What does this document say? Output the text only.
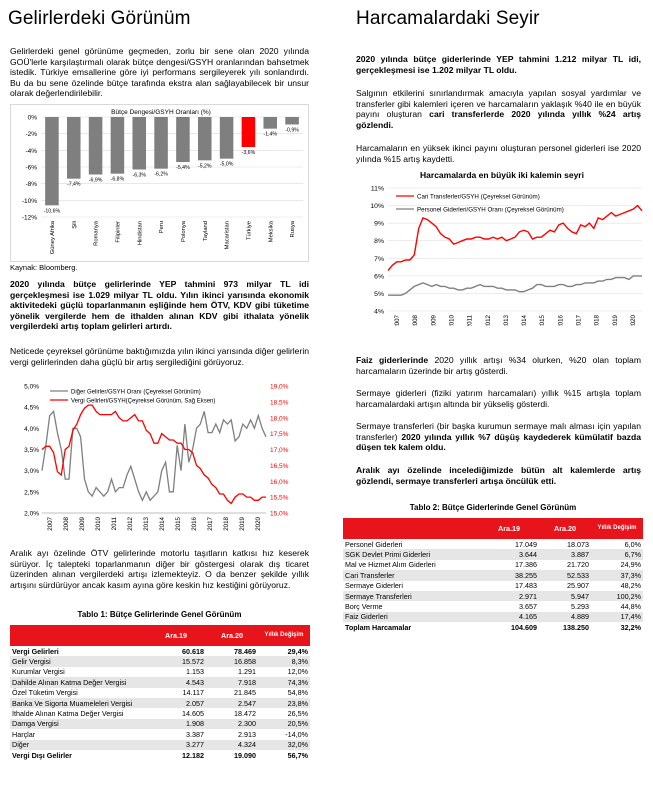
Gelirlerdeki Görünüm
Gelirlerdeki genel görünüme geçmeden, zorlu bir sene olan 2020 yılında GOÜ'lerle karşılaştırmalı olarak bütçe dengesi/GSYH oranlarından bahsetmek istedik. Türkiye emsallerine göre iyi performans sergileyerek yılı sonlandırdı. Bu da bu sene özelinde bütçe tarafında ekstra alan sağlayabilecek bir unsur olarak değerlendirilebilir.
Bütçe Dengesi/GSYH Oranları (%)
0%
-2%
-4%
-6%
-8%
-10%
-12%
-10,6%
Güney Afrika
-7,4%
Şili
-6,9%
Romanya
-6,8%
Filipinler
-6,3%
Hindistan
-6,2%
Peru
-5,4%
Polonya
-5,2%
Tayland
-5,0%
Macaristan
-3,6%
Türkiye
-1,4%
Meksika
-0,9%
Rusya
Kaynak: Bloomberg.
2020 yılında bütçe gelirlerinde YEP tahmini 973 milyar TL idi gerçekleşmesi ise 1.029 milyar TL oldu. Yılın ikinci yarısında ekonomik aktivitedeki güçlü toparlanmanın eşliğinde hem ÖTV, KDV gibi tüketime yönelik vergilerde hem de ithalden alınan KDV gibi ithalata yönelik vergilerdeki artış toplam gelirleri artırdı.
Neticede çeyreksel görünüme baktığımızda yılın ikinci yarısında diğer gelirlerin vergi gelirlerinden daha güçlü bir artış sergilediğini görüyoruz.
2,0%
2,5%
3,0%
3,5%
4,0%
4,5%
5,0%
15,0%
15,5%
16,0%
16,5%
17,0%
17,5%
18,0%
18,5%
19,0%
2007 2008 2009 2010 2011 2012 2013 2014 2015 2016 2017 2018 2019 2020
Diğer Gelirler/GSYH Oranı (Çeyreksel Görünüm)
Vergi Gelirleri/GSYH(Çeyreksel Görünüm, Sağ Eksen)
Aralık ayı özelinde ÖTV gelirlerinde motorlu taşıtların katkısı hız keserek sürüyor. İç talepteki toparlanmanın diğer bir göstergesi olarak dış ticaret üzerinden alınan vergilerdeki artışı izlemekteyiz. O da benzer şekilde yıllık artışını sürdürüyor ancak kasım ayına göre keskin hız kestiğini görüyoruz.
Tablo 1: Bütçe Gelirlerinde Genel Görünüm
	Ara.19	Ara.20	Yıllık Değişim
Vergi Gelirleri	60.618	78.469	29,4%
Gelir Vergisi	15.572	16.858	8,3%
Kurumlar Vergisi	1.153	1.291	12,0%
Dahilde Alınan Katma Değer Vergisi	4.543	7.918	74,3%
Özel Tüketim Vergisi	14.117	21.845	54,8%
Banka Ve Sigorta Muameleleri Vergisi	2.057	2.547	23,8%
İthalde Alınan Katma Değer Vergisi	14.605	18.472	26,5%
Damga Vergisi	1.908	2.300	20,5%
Harçlar	3.387	2.913	-14,0%
Diğer	3.277	4.324	32,0%
Vergi Dışı Gelirler	12.182	19.090	56,7%
Harcamalardaki Seyir
2020 yılında bütçe giderlerinde YEP tahmini 1.212 milyar TL idi, gerçekleşmesi ise 1.202 milyar TL oldu.
Salgının etkilerini sınırlandırmak amacıyla yapılan sosyal yardımlar ve transferler gibi kalemleri içeren ve harcamaların yaklaşık %40 ile en büyük payını oluşturan cari transferlerde 2020 yılında yıllık %24 artış gözlendi.
Harcamaların en yüksek ikinci payını oluşturan personel giderleri ise 2020 yılında %15 artış kaydetti.
Harcamalarda en büyük iki kalemin seyri
4%
5%
6%
7%
8%
9%
10%
11%
2007 2008 2009 2010 2011 2012 2013 2014 2015 2016 2017 2018 2019 2020
Cari Transferler/GSYH (Çeyreksel Görünüm)
Personel Giderleri/GSYH Oranı (Çeyreksel Görünüm)
Faiz giderlerinde 2020 yıllık artışı %34 olurken, %20 olan toplam harcamaların üzerinde bir artış gösterdi.
Sermaye giderleri (fiziki yatırım harcamaları) yıllık %15 artışla toplam harcamalardaki artışın altında bir yükseliş gösterdi.
Sermaye transferleri (bir başka kurumun sermaye malı alması için yapılan transferler) 2020 yılında yıllık %7 düşüş kaydederek kümülatif bazda düşen tek kalem oldu.
Aralık ayı özelinde incelediğimizde bütün alt kalemlerde artış gözlendi, sermaye transferleri artışa öncülük etti.
Tablo 2: Bütçe Giderlerinde Genel Görünüm
	Ara.19	Ara.20	Yıllık Değişim
Personel Giderleri	17.049	18.073	6,0%
SGK Devlet Primi Giderleri	3.644	3.887	6,7%
Mal ve Hizmet Alım Giderleri	17.386	21.720	24,9%
Cari Transferler	38.255	52.533	37,3%
Sermaye Giderleri	17.483	25.907	48,2%
Sermaye Transferleri	2.971	5.947	100,2%
Borç Verme	3.657	5.293	44,8%
Faiz Giderleri	4.165	4.889	17,4%
Toplam Harcamalar	104.609	138.250	32,2%
